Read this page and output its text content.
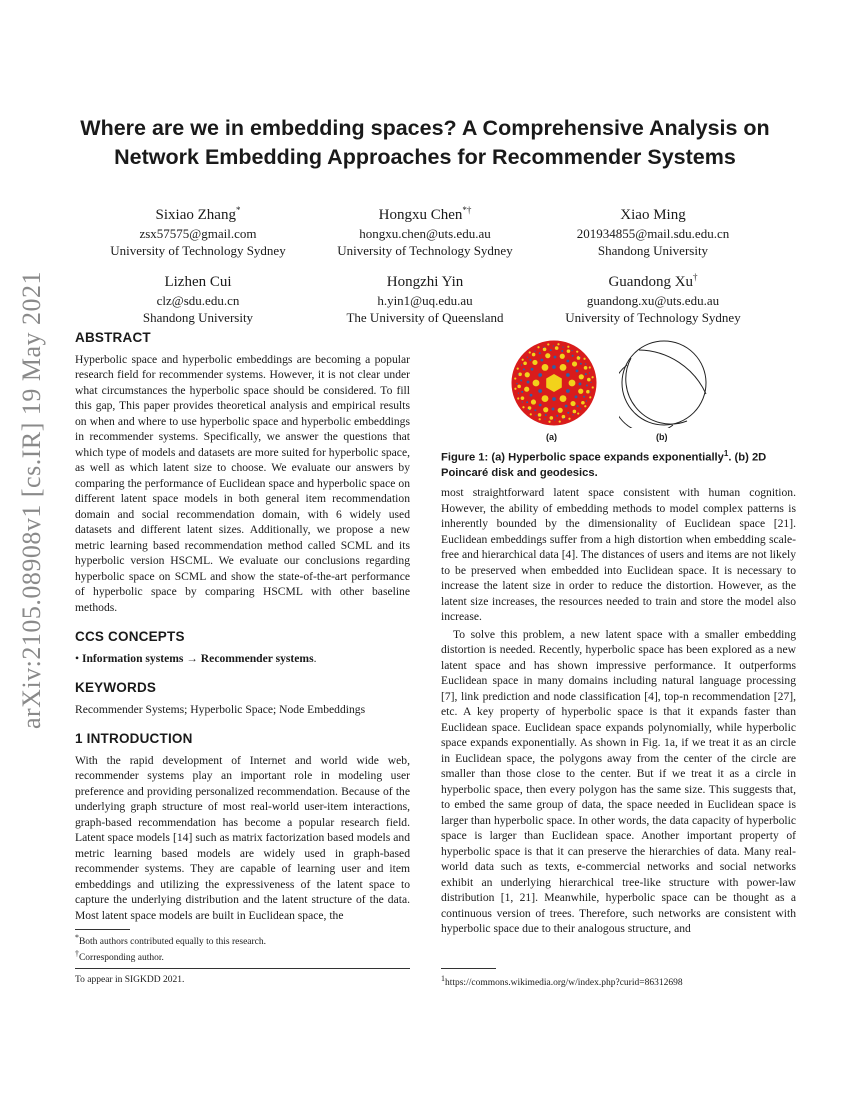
arXiv:2105.08908v1 [cs.IR] 19 May 2021
Where are we in embedding spaces? A Comprehensive Analysis on Network Embedding Approaches for Recommender Systems
Sixiao Zhang*
zsx57575@gmail.com
University of Technology Sydney
Hongxu Chen*†
hongxu.chen@uts.edu.au
University of Technology Sydney
Xiao Ming
201934855@mail.sdu.edu.cn
Shandong University
Lizhen Cui
clz@sdu.edu.cn
Shandong University
Hongzhi Yin
h.yin1@uq.edu.au
The University of Queensland
Guandong Xu†
guandong.xu@uts.edu.au
University of Technology Sydney
ABSTRACT

Hyperbolic space and hyperbolic embeddings are becoming a popular research field for recommender systems. However, it is not clear under what circumstances the hyperbolic space should be considered. To fill this gap, This paper provides theoretical analysis and empirical results on when and where to use hyperbolic space and hyperbolic embeddings in recommender systems. Specifically, we answer the questions that which type of models and datasets are more suited for hyperbolic space, as well as which latent size to choose. We evaluate our answers by comparing the performance of Euclidean space and hyperbolic space on different latent space models in both general item recommendation domain and social recommendation domain, with 6 widely used datasets and different latent sizes. Additionally, we propose a new metric learning based recommendation method called SCML and its hyperbolic version HSCML. We evaluate our conclusions regarding hyperbolic space on SCML and show the state-of-the-art performance of hyperbolic space by comparing HSCML with other baseline methods.

CCS CONCEPTS

• Information systems → Recommender systems.

KEYWORDS

Recommender Systems; Hyperbolic Space; Node Embeddings

1 INTRODUCTION

With the rapid development of Internet and world wide web, recommender systems play an important role in modeling user preference and providing personalized recommendation. Because of the underlying graph structure of most real-world user-item interactions, graph-based recommendation has become a popular research field. Latent space models [14] such as matrix factorization based models and metric learning based models are widely used in graph-based recommender systems. They are capable of learning user and item embeddings and utilizing the expressiveness of the latent space to capture the underlying distribution and the latent structure of the data. Most latent space models are built in Euclidean space, the

*Both authors contributed equally to this research.
†Corresponding author.
To appear in SIGKDD 2021.
(a)	(b)
Figure 1: (a) Hyperbolic space expands exponentially$^1$. (b) 2D Poincaré disk and geodesics.

most straightforward latent space consistent with human cognition. However, the ability of embedding methods to model complex patterns is inherently bounded by the dimensionality of Euclidean space [21]. Euclidean embeddings suffer from a high distortion when embedding scale-free and hierarchical data [4]. The distances of users and items are not likely to be preserved when embedded into Euclidean space. It is necessary to increase the latent size in order to reduce the distortion. However, as the latent size increases, the resources needed to train and store the model also increase.

To solve this problem, a new latent space with a smaller embedding distortion is needed. Recently, hyperbolic space has been explored as a new latent space and has shown impressive performance. It outperforms Euclidean space in many domains including natural language processing [7], link prediction and node classification [4], top-n recommendation [27], etc. A key property of hyperbolic space is that it expands faster than Euclidean space. Euclidean space expands polynomially, while hyperbolic space expands exponentially. As shown in Fig. 1a, if we treat it as an circle in Euclidean space, the polygons away from the center of the circle are smaller than those close to the center. But if we treat it as a circle in hyperbolic space, then every polygon has the same size. This suggests that, to embed the same group of data, the space needed in Euclidean space is larger than hyperbolic space. In other words, the data capacity of hyperbolic space is larger than Euclidean space. Another important property of hyperbolic space is that it can preserve the hierarchies of data. Many real-world data such as texts, e-commercial networks and social networks exhibit an underlying hierarchical tree-like structure with power-law distribution [1, 21]. Meanwhile, hyperbolic space can be thought as a continuous version of trees. Therefore, such networks are consistent with hyperbolic space due to their analogous structure, and

$^1$https://commons.wikimedia.org/w/index.php?curid=86312698
